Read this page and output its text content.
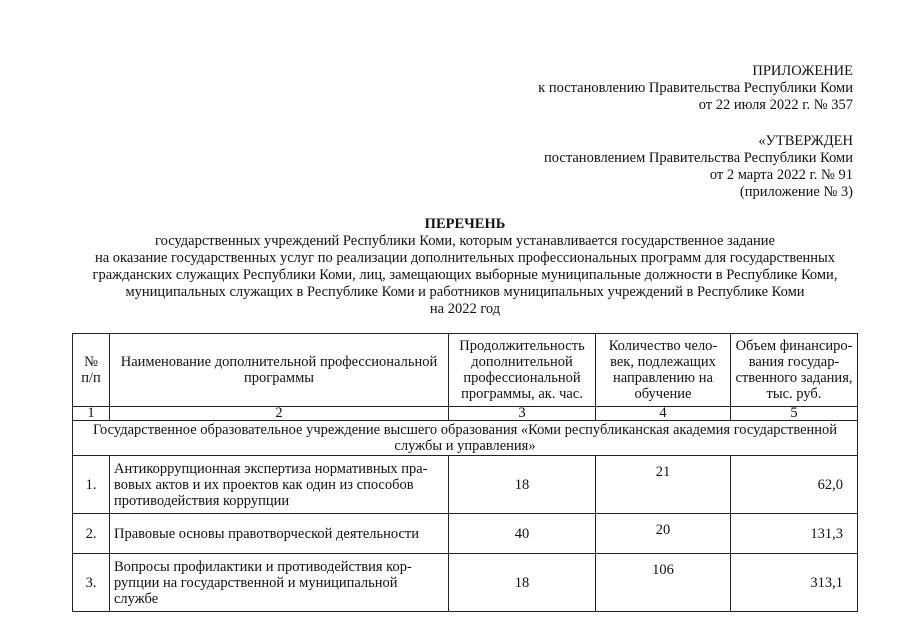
ПРИЛОЖЕНИЕ
к постановлению Правительства Республики Коми
от 22 июля 2022 г. № 357
«УТВЕРЖДЕН
постановлением Правительства Республики Коми
от 2 марта 2022 г. № 91
(приложение № 3)
ПЕРЕЧЕНЬ
государственных учреждений Республики Коми, которым устанавливается государственное задание
на оказание государственных услуг по реализации дополнительных профессиональных программ для государственных
гражданских служащих Республики Коми, лиц, замещающих выборные муниципальные должности в Республике Коми,
муниципальных служащих в Республике Коми и работников муниципальных учреждений в Республике Коми
на 2022 год
№ п/п	Наименование дополнительной профессиональной программы	Продолжительность дополнительной профессиональной программы, ак. час.	Количество чело-век, подлежащих направлению на обучение	Объем финансиро-вания государ-ственного задания, тыс. руб.
1	2	3	4	5
Государственное образовательное учреждение высшего образования «Коми республиканская академия государственной службы и управления»				
1.	Антикоррупционная экспертиза нормативных пра-вовых актов и их проектов как один из способов противодействия коррупции	18	21	62,0
2.	Правовые основы правотворческой деятельности	40	20	131,3
3.	Вопросы профилактики и противодействия кор-рупции на государственной и муниципальной службе	18	106	313,1
